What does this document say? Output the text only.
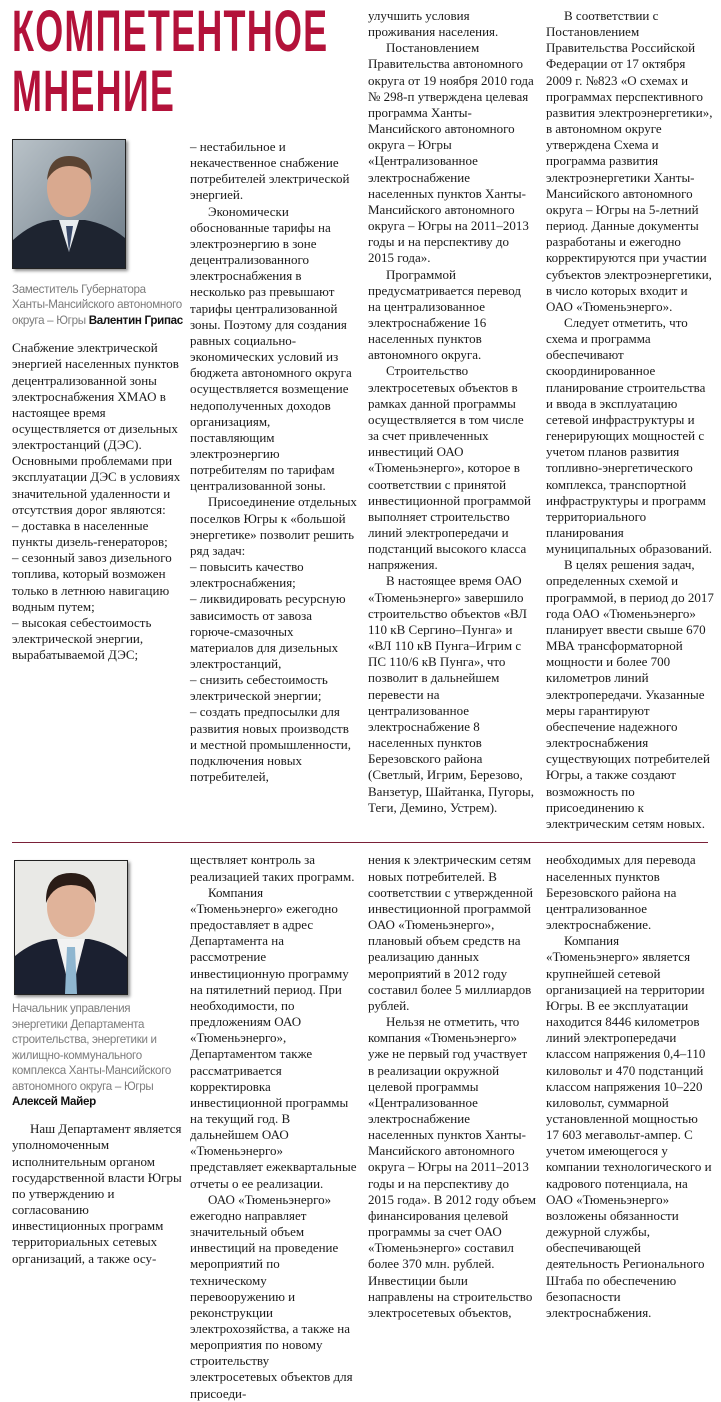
КОМПЕТЕНТНОЕ
МНЕНИЕ
Заместитель Губернатора Ханты-Мансийского автономного округа – Югры Валентин Грипас

Снабжение электрической энергией населенных пунктов децентрализованной зоны электроснабжения ХМАО в настоящее время осуществляется от дизельных электростанций (ДЭС). Основными проблемами при эксплуатации ДЭС в условиях значительной удаленности и отсутствия дорог являются:

– доставка в населенные пункты дизель-генераторов;

– сезонный завоз дизельного топлива, который возможен только в летнюю навигацию водным путем;

– высокая себестоимость электрической энергии, вырабатываемой ДЭС;

– нестабильное и некачественное снабжение потребителей электрической энергией.

Экономически обоснованные тарифы на электроэнергию в зоне децентрализованного электроснабжения в несколько раз превышают тарифы централизованной зоны. Поэтому для создания равных социально-экономических условий из бюджета автономного округа осуществляется возмещение недополученных доходов организациям, поставляющим электроэнергию потребителям по тарифам централизованной зоны.

Присоединение отдельных поселков Югры к «большой энергетике» позволит решить ряд задач:

– повысить качество электроснабжения;

– ликвидировать ресурсную зависимость от завоза горюче-смазочных материалов для дизельных электростанций,

– снизить себестоимость электрической энергии;

– создать предпосылки для развития новых производств и местной промышленности, подключения новых потребителей,

улучшить условия проживания населения.

Постановлением Правительства автономного округа от 19 ноября 2010 года № 298-п утверждена целевая программа Ханты-Мансийского автономного округа – Югры «Централизованное электроснабжение населенных пунктов Ханты-Мансийского автономного округа – Югры на 2011–2013 годы и на перспективу до 2015 года».

Программой предусматривается перевод на централизованное электроснабжение 16 населенных пунктов автономного округа.

Строительство электросетевых объектов в рамках данной программы осуществляется в том числе за счет привлеченных инвестиций ОАО «Тюменьэнерго», которое в соответствии с принятой инвестиционной программой выполняет строительство линий электропередачи и подстанций высокого класса напряжения.

В настоящее время ОАО «Тюменьэнерго» завершило строительство объектов «ВЛ 110 кВ Сергино–Пунга» и «ВЛ 110 кВ Пунга–Игрим с ПС 110/6 кВ Пунга», что позволит в дальнейшем перевести на централизованное электроснабжение 8 населенных пунктов Березовского района (Светлый, Игрим, Березово, Ванзетур, Шайтанка, Пугоры, Теги, Демино, Устрем).

В соответствии с Постановлением Правительства Российской Федерации от 17 октября 2009 г. №823 «О схемах и программах перспективного развития электроэнергетики», в автономном округе утверждена Схема и программа развития электроэнергетики Ханты-Мансийского автономного округа – Югры на 5-летний период. Данные документы разработаны и ежегодно корректируются при участии субъектов электроэнергетики, в число которых входит и ОАО «Тюменьэнерго».

Следует отметить, что схема и программа обеспечивают скоординированное планирование строительства и ввода в эксплуатацию сетевой инфраструктуры и генерирующих мощностей с учетом планов развития топливно-энергетического комплекса, транспортной инфраструктуры и программ территориального планирования муниципальных образований.

В целях решения задач, определенных схемой и программой, в период до 2017 года ОАО «Тюменьэнерго» планирует ввести свыше 670 МВА трансформаторной мощности и более 700 километров линий электропередачи. Указанные меры гарантируют обеспечение надежного электроснабжения существующих потребителей Югры, а также создают возможность по присоединению к электрическим сетям новых.

Начальник управления энергетики Департамента строительства, энергетики и жилищно-коммунального комплекса Ханты-Мансийского автономного округа – Югры Алексей Майер

Наш Департамент является уполномоченным исполнительным органом государственной власти Югры по утверждению и согласованию инвестиционных программ территориальных сетевых организаций, а также осу-

ществляет контроль за реализацией таких программ.

Компания «Тюменьэнерго» ежегодно предоставляет в адрес Департамента на рассмотрение инвестиционную программу на пятилетний период. При необходимости, по предложениям ОАО «Тюменьэнерго», Департаментом также рассматривается корректировка инвестиционной программы на текущий год. В дальнейшем ОАО «Тюменьэнерго» представляет ежеквартальные отчеты о ее реализации.

ОАО «Тюменьэнерго» ежегодно направляет значительный объем инвестиций на проведение мероприятий по техническому перевооружению и реконструкции электрохозяйства, а также на мероприятия по новому строительству электросетевых объектов для присоеди-

нения к электрическим сетям новых потребителей. В соответствии с утвержденной инвестиционной программой ОАО «Тюменьэнерго», плановый объем средств на реализацию данных мероприятий в 2012 году составил более 5 миллиардов рублей.

Нельзя не отметить, что компания «Тюменьэнерго» уже не первый год участвует в реализации окружной целевой программы «Централизованное электроснабжение населенных пунктов Ханты-Мансийского автономного округа – Югры на 2011–2013 годы и на перспективу до 2015 года». В 2012 году объем финансирования целевой программы за счет ОАО «Тюменьэнерго» составил более 370 млн. рублей. Инвестиции были направлены на строительство электросетевых объектов,

необходимых для перевода населенных пунктов Березовского района на централизованное электроснабжение.

Компания «Тюменьэнерго» является крупнейшей сетевой организацией на территории Югры. В ее эксплуатации находится 8446 километров линий электропередачи классом напряжения 0,4–110 киловольт и 470 подстанций классом напряжения 10–220 киловольт, суммарной установленной мощностью 17 603 мегавольт-ампер. С учетом имеющегося у компании технологического и кадрового потенциала, на ОАО «Тюменьэнерго» возложены обязанности дежурной службы, обеспечивающей деятельность Регионального Штаба по обеспечению безопасности электроснабжения.
